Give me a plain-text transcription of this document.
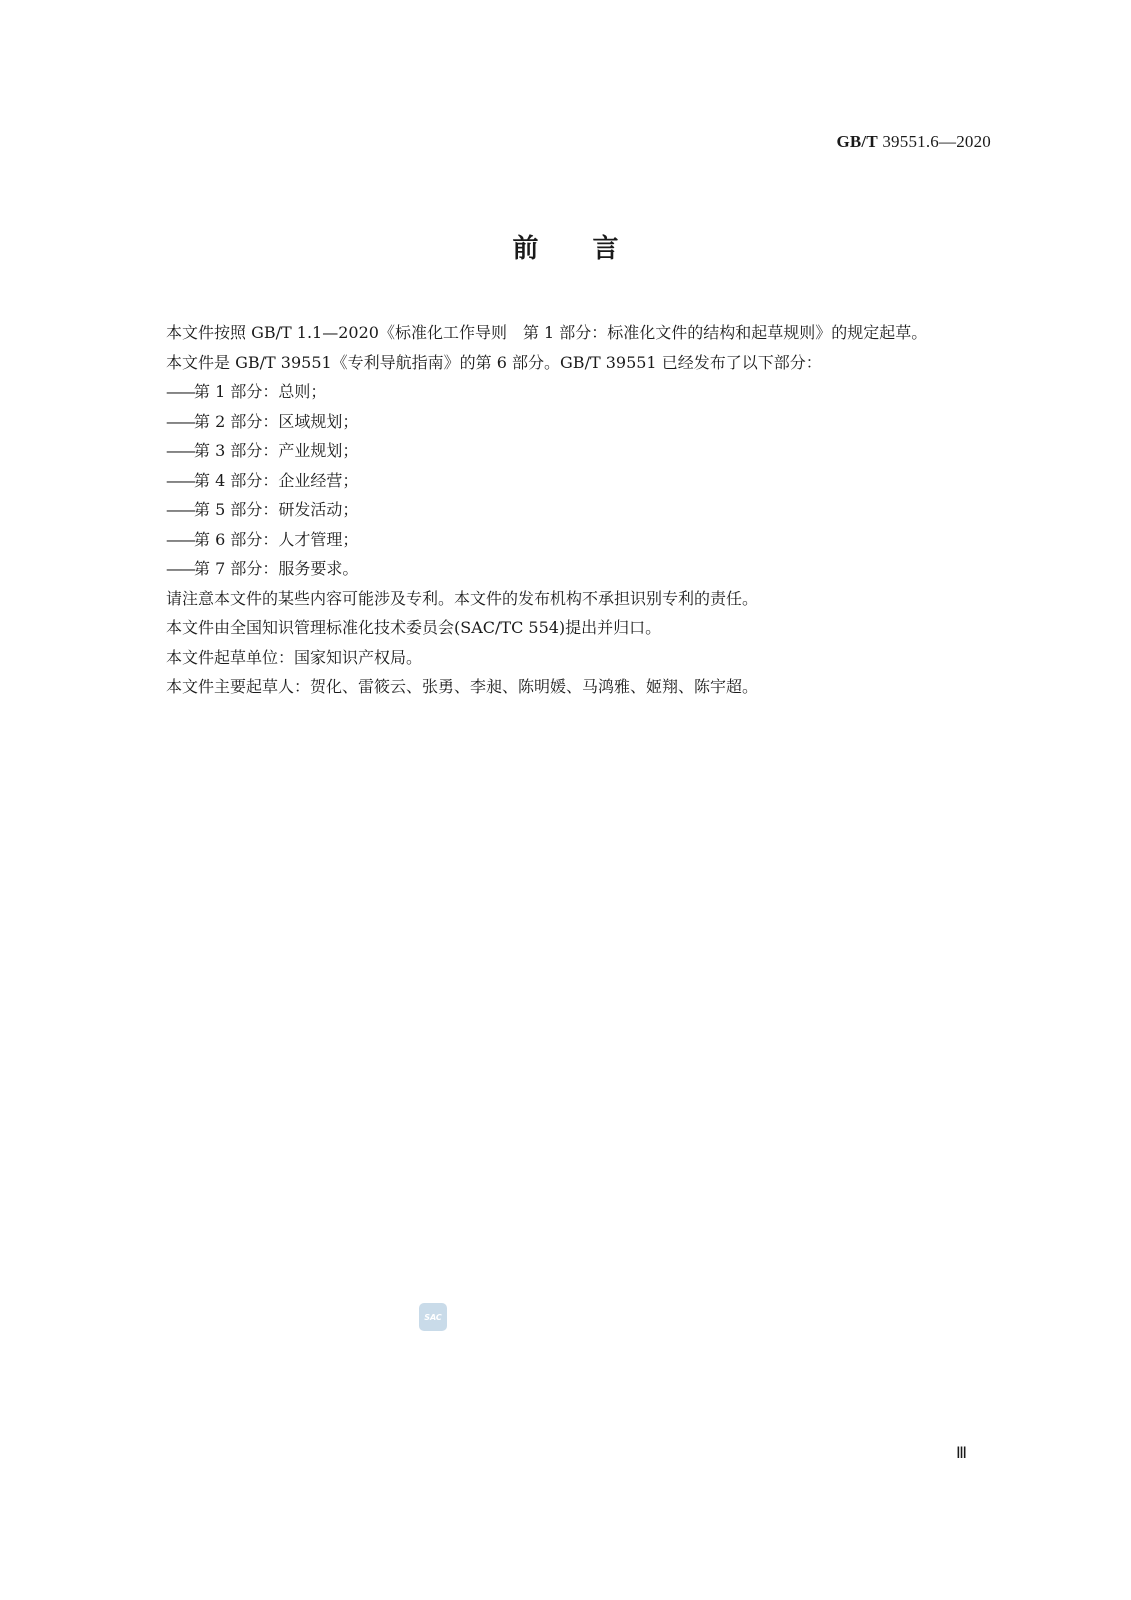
GB/T 39551.6—2020
前言

本文件按照 GB/T 1.1—2020《标准化工作导则　第 1 部分：标准化文件的结构和起草规则》的规定起草。

本文件是 GB/T 39551《专利导航指南》的第 6 部分。GB/T 39551 已经发布了以下部分：

——第 1 部分：总则；

——第 2 部分：区域规划；

——第 3 部分：产业规划；

——第 4 部分：企业经营；

——第 5 部分：研发活动；

——第 6 部分：人才管理；

——第 7 部分：服务要求。

请注意本文件的某些内容可能涉及专利。本文件的发布机构不承担识别专利的责任。

本文件由全国知识管理标准化技术委员会(SAC/TC 554)提出并归口。

本文件起草单位：国家知识产权局。

本文件主要起草人：贺化、雷筱云、张勇、李昶、陈明媛、马鸿雅、姬翔、陈宇超。

SAC
Ⅲ
